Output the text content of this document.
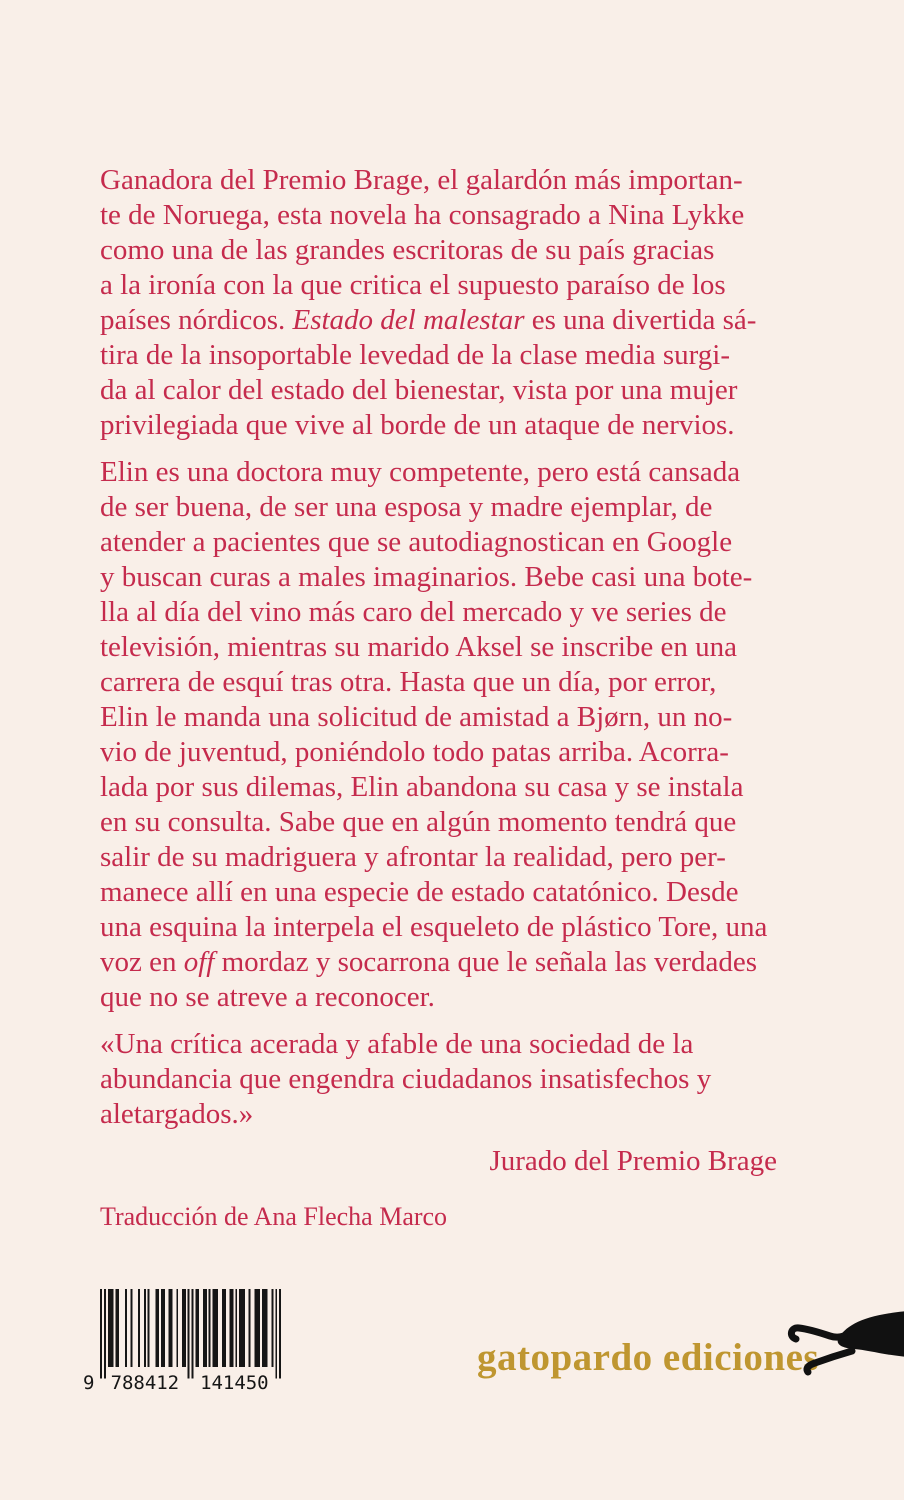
Ganadora del Premio Brage, el galardón más importan-
te de Noruega, esta novela ha consagrado a Nina Lykke
como una de las grandes escritoras de su país gracias
a la ironía con la que critica el supuesto paraíso de los
países nórdicos. Estado del malestar es una divertida sá-
tira de la insoportable levedad de la clase media surgi-
da al calor del estado del bienestar, vista por una mujer
privilegiada que vive al borde de un ataque de nervios.
Elin es una doctora muy competente, pero está cansada
de ser buena, de ser una esposa y madre ejemplar, de
atender a pacientes que se autodiagnostican en Google
y buscan curas a males imaginarios. Bebe casi una bote-
lla al día del vino más caro del mercado y ve series de
televisión, mientras su marido Aksel se inscribe en una
carrera de esquí tras otra. Hasta que un día, por error,
Elin le manda una solicitud de amistad a Bjørn, un no-
vio de juventud, poniéndolo todo patas arriba. Acorra-
lada por sus dilemas, Elin abandona su casa y se instala
en su consulta. Sabe que en algún momento tendrá que
salir de su madriguera y afrontar la realidad, pero per-
manece allí en una especie de estado catatónico. Desde
una esquina la interpela el esqueleto de plástico Tore, una
voz en off mordaz y socarrona que le señala las verdades
que no se atreve a reconocer.
«Una crítica acerada y afable de una sociedad de la
abundancia que engendra ciudadanos insatisfechos y
aletargados.»
Jurado del Premio Brage
Traducción de Ana Flecha Marco
9 788412 141450
gatopardo ediciones
